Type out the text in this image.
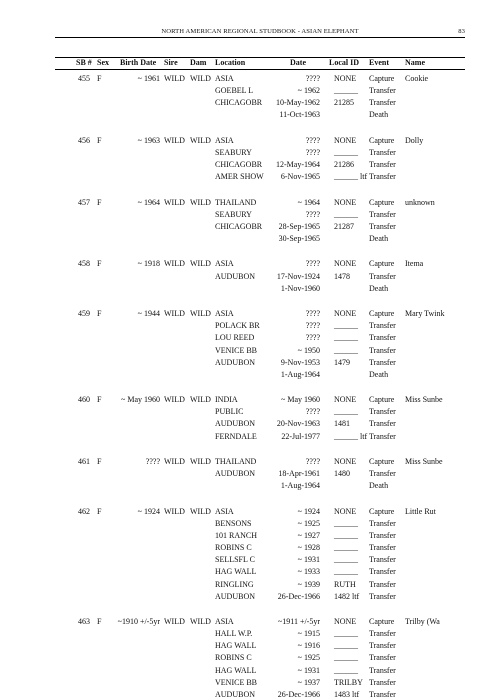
NORTH AMERICAN REGIONAL STUDBOOK - ASIAN ELEPHANT	83
SB # Sex Birth Date Sire Dam Location	Date	Local ID Event Name
455 F	~ 1961 WILD WILD ASIA	???? NONE Capture Cookie
GOEBEL L	~ 1962 ______ Transfer
CHICAGOBR	10-May-1962 21285 Transfer
11-Oct-1963	Death
456 F	~ 1963 WILD WILD ASIA	???? NONE Capture Dolly
SEABURY	???? ______ Transfer
CHICAGOBR	12-May-1964 21286 Transfer
AMER SHOW	6-Nov-1965 ______ ltf Transfer
457 F	~ 1964 WILD WILD THAILAND	~ 1964 NONE Capture unknown
SEABURY	???? ______ Transfer
CHICAGOBR	28-Sep-1965 21287 Transfer
30-Sep-1965	Death
458 F	~ 1918 WILD WILD ASIA	???? NONE Capture Itema
AUDUBON	17-Nov-1924 1478 Transfer
1-Nov-1960	Death
459 F	~ 1944 WILD WILD ASIA	???? NONE Capture Mary Twink
POLACK BR	???? ______ Transfer
LOU REED	???? ______ Transfer
VENICE BB	~ 1950 ______ Transfer
AUDUBON	9-Nov-1953 1479 Transfer
1-Aug-1964	Death
460 F	~ May 1960 WILD WILD INDIA	~ May 1960 NONE Capture Miss Sunbe
PUBLIC	???? ______ Transfer
AUDUBON	20-Nov-1963 1481 Transfer
FERNDALE	22-Jul-1977 ______ ltf Transfer
461 F	???? WILD WILD THAILAND	???? NONE Capture Miss Sunbe
AUDUBON	18-Apr-1961 1480 Transfer
1-Aug-1964	Death
462 F	~ 1924 WILD WILD ASIA	~ 1924 NONE Capture Little Rut
BENSONS	~ 1925 ______ Transfer
101 RANCH	~ 1927 ______ Transfer
ROBINS C	~ 1928 ______ Transfer
SELLSFL C	~ 1931 ______ Transfer
HAG WALL	~ 1933 ______ Transfer
RINGLING	~ 1939 RUTH Transfer
AUDUBON	26-Dec-1966 1482 ltf Transfer
463 F	~1910 +/-5yr WILD WILD ASIA	~1911 +/-5yr NONE Capture Trilby (Wa
HALL W.P.	~ 1915 ______ Transfer
HAG WALL	~ 1916 ______ Transfer
ROBINS C	~ 1925 ______ Transfer
HAG WALL	~ 1931 ______ Transfer
VENICE BB	~ 1937 TRILBY Transfer
AUDUBON	26-Dec-1966 1483 ltf Transfer
